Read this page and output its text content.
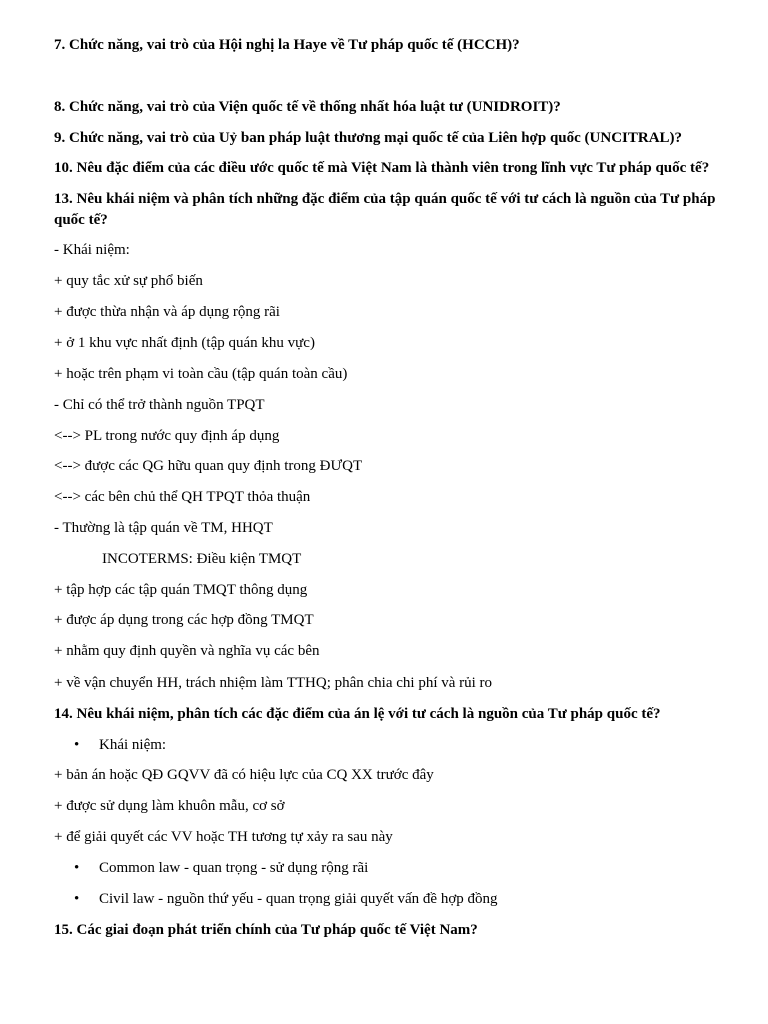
7. Chức năng, vai trò của Hội nghị la Haye về Tư pháp quốc tế (HCCH)?
8. Chức năng, vai trò của Viện quốc tế về thống nhất hóa luật tư (UNIDROIT)?
9. Chức năng, vai trò của Uỷ ban pháp luật thương mại quốc tế của Liên hợp quốc (UNCITRAL)?
10. Nêu đặc điểm của các điều ước quốc tế mà Việt Nam là thành viên trong lĩnh vực Tư pháp quốc tế?
13. Nêu khái niệm và phân tích những đặc điểm của tập quán quốc tế với tư cách là nguồn của Tư pháp quốc tế?
- Khái niệm:
+ quy tắc xử sự phổ biến
+ được thừa nhận và áp dụng rộng rãi
+ ở 1 khu vực nhất định (tập quán khu vực)
+ hoặc trên phạm vi toàn cầu (tập quán toàn cầu)
- Chỉ có thể trở thành nguồn TPQT
<--> PL trong nước quy định áp dụng
<--> được các QG hữu quan quy định trong ĐƯQT
<--> các bên chủ thể QH TPQT thỏa thuận
- Thường là tập quán về TM, HHQT
INCOTERMS: Điều kiện TMQT
+ tập hợp các tập quán TMQT thông dụng
+ được áp dụng trong các hợp đồng TMQT
+ nhằm quy định quyền và nghĩa vụ các bên
+ về vận chuyển HH, trách nhiệm làm TTHQ; phân chia chi phí và rủi ro
14. Nêu khái niệm, phân tích các đặc điểm của án lệ với tư cách là nguồn của Tư pháp quốc tế?
• Khái niệm:
+ bản án hoặc QĐ GQVV đã có hiệu lực của CQ XX trước đây
+ được sử dụng làm khuôn mẫu, cơ sở
+ để giải quyết các VV hoặc TH tương tự xảy ra sau này
• Common law - quan trọng - sử dụng rộng rãi
• Civil law - nguồn thứ yếu - quan trọng giải quyết vấn đề hợp đồng
15. Các giai đoạn phát triển chính của Tư pháp quốc tế Việt Nam?
